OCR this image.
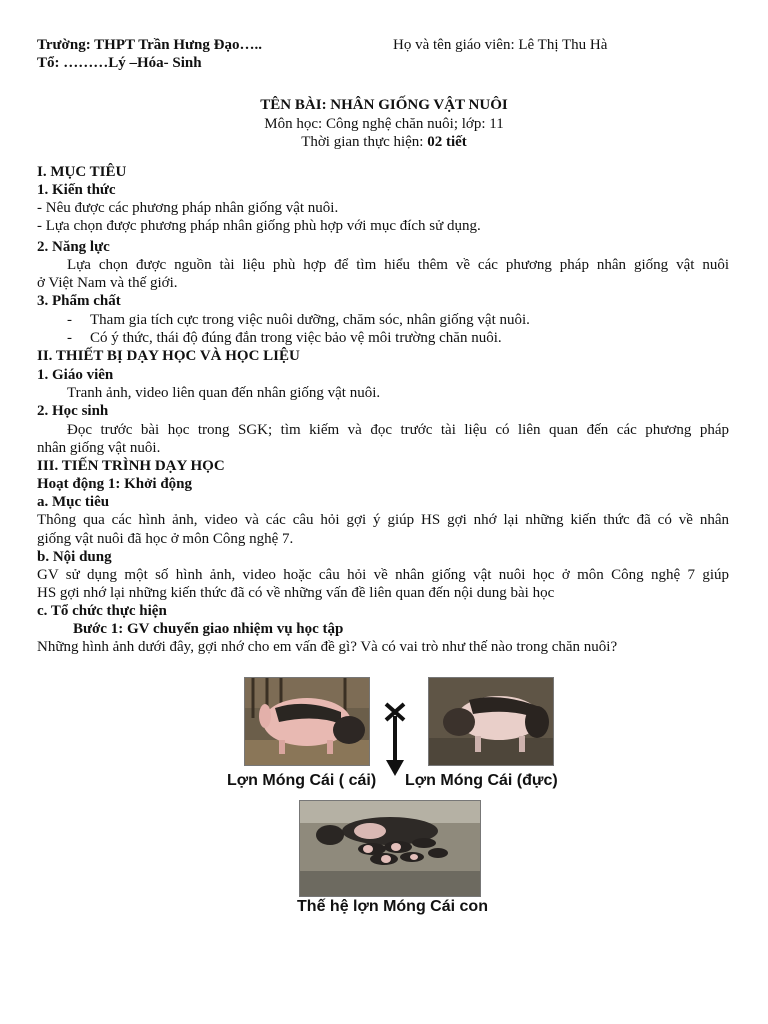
Trường: THPT Trần Hưng Đạo…..	Họ và tên giáo viên: Lê Thị Thu Hà
Tổ: ………Lý –Hóa- Sinh
TÊN BÀI: NHÂN GIỐNG VẬT NUÔI
Môn học: Công nghệ chăn nuôi; lớp: 11
Thời gian thực hiện: 02 tiết
I. MỤC TIÊU
1. Kiến thức
- Nêu được các phương pháp nhân giống vật nuôi.
- Lựa chọn được phương pháp nhân giống phù hợp với mục đích sử dụng.
2. Năng lực
Lựa chọn được nguồn tài liệu phù hợp để tìm hiểu thêm về các phương pháp nhân giống vật nuôi
ở Việt Nam và thế giới.
3. Phẩm chất
- Tham gia tích cực trong việc nuôi dưỡng, chăm sóc, nhân giống vật nuôi.
- Có ý thức, thái độ đúng đắn trong việc bảo vệ môi trường chăn nuôi.
II. THIẾT BỊ DẠY HỌC VÀ HỌC LIỆU
1. Giáo viên
Tranh ảnh, video liên quan đến nhân giống vật nuôi.
2. Học sinh
Đọc trước bài học trong SGK; tìm kiếm và đọc trước tài liệu có liên quan đến các phương pháp
nhân giống vật nuôi.
III. TIẾN TRÌNH DẠY HỌC
Hoạt động 1: Khởi động
a. Mục tiêu
Thông qua các hình ảnh, video và các câu hỏi gợi ý giúp HS gợi nhớ lại những kiến thức đã có về nhân
giống vật nuôi đã học ở môn Công nghệ 7.
b. Nội dung
GV sử dụng một số hình ảnh, video hoặc câu hỏi về nhân giống vật nuôi học ở môn Công nghệ 7 giúp
HS gợi nhớ lại những kiến thức đã có về những vấn đề liên quan đến nội dung bài học
c. Tổ chức thực hiện
Bước 1: GV chuyển giao nhiệm vụ học tập
Những hình ảnh dưới đây, gợi nhớ cho em vấn đề gì? Và có vai trò như thế nào trong chăn nuôi?
Lợn Móng Cái ( cái) Lợn Móng Cái (đực)
Thế hệ lợn Móng Cái con
